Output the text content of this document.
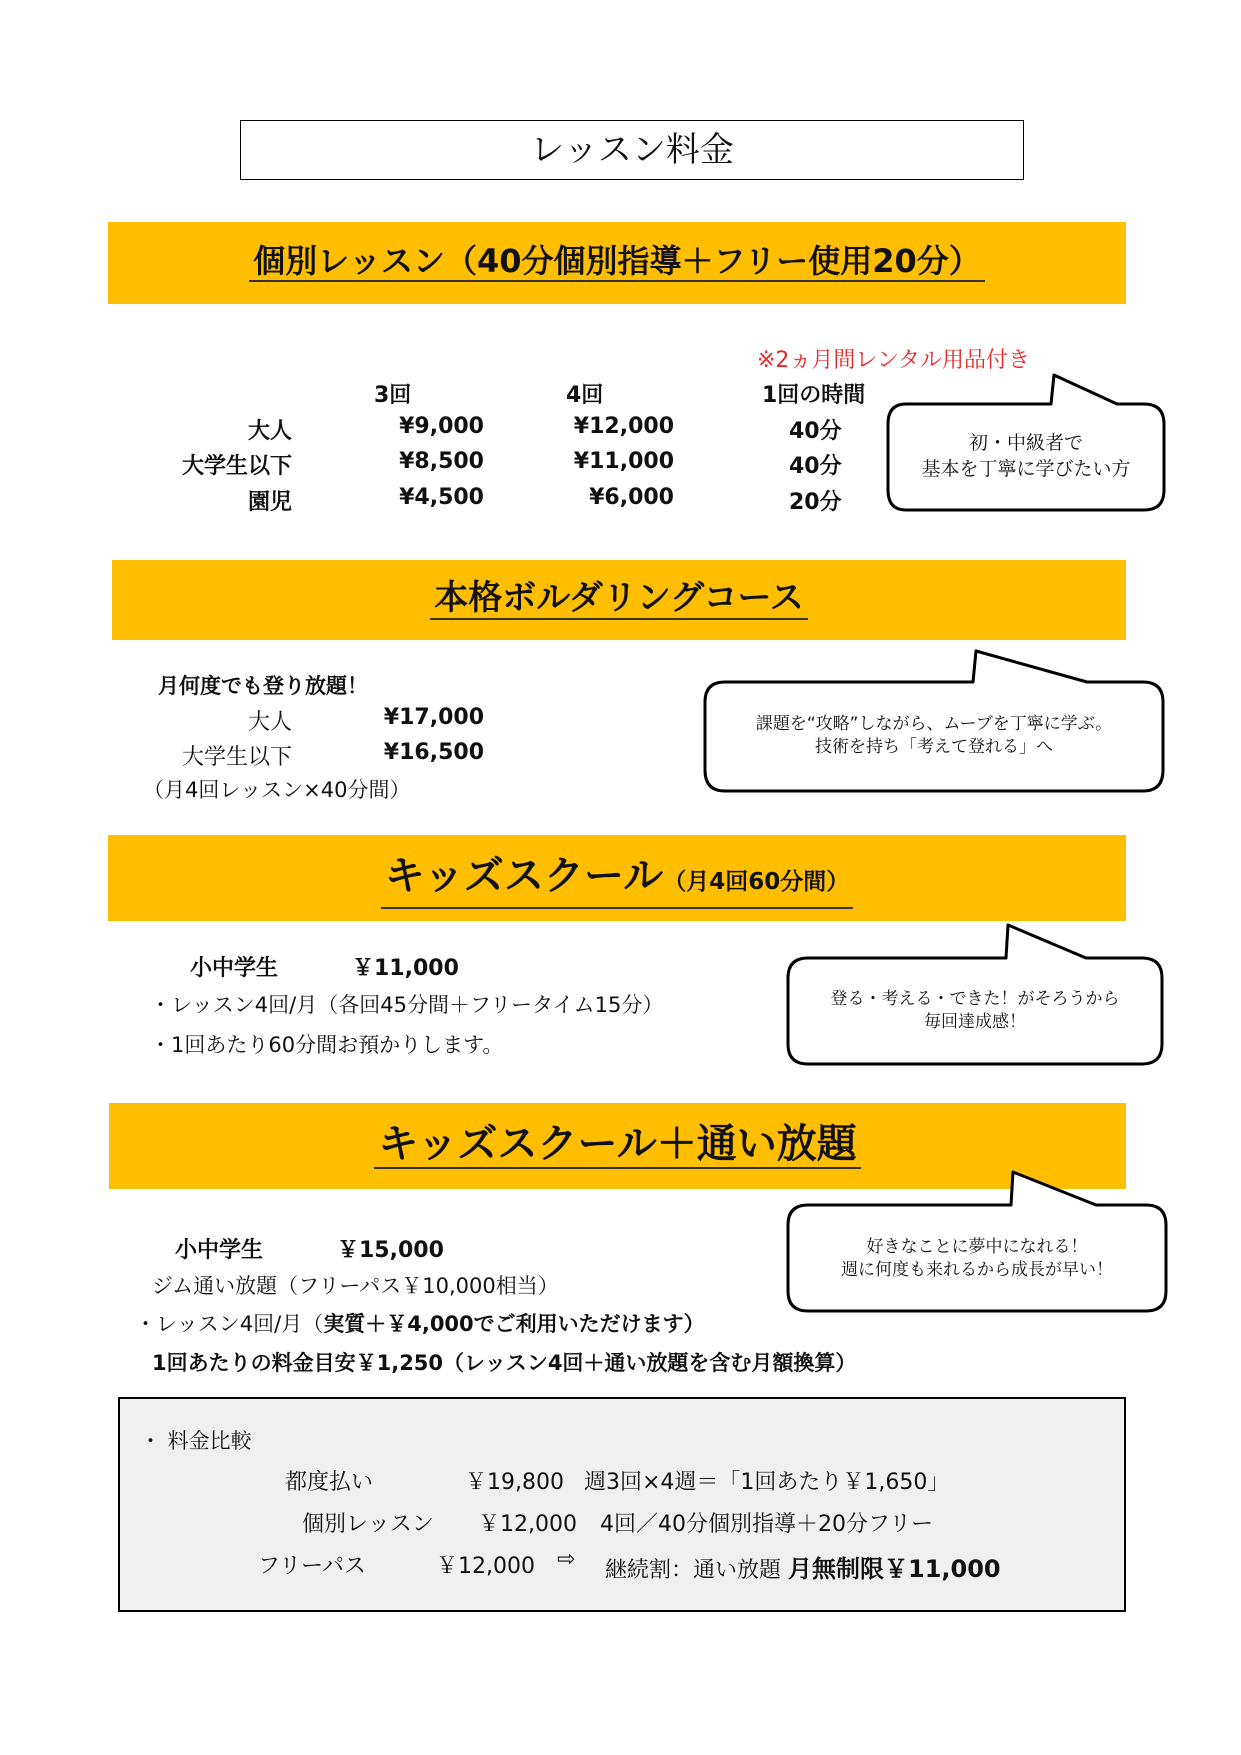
レッスン料金
個別レッスン（40分個別指導＋フリー使用20分）
※2ヵ月間レンタル用品付き
3回	4回	1回の時間
大人	¥9,000	¥12,000	40分
大学生以下	¥8,500	¥11,000	40分
園児	¥4,500	¥6,000	20分
初・中級者で
基本を丁寧に学びたい方
本格ボルダリングコース
月何度でも登り放題！
大人	¥17,000
大学生以下	¥16,500
（月4回レッスン×40分間）
課題を“攻略”しながら、ムーブを丁寧に学ぶ。
技術を持ち「考えて登れる」へ
キッズスクール（月4回60分間）
小中学生	￥11,000
・レッスン4回/月（各回45分間＋フリータイム15分）
・1回あたり60分間お預かりします。
登る・考える・できた！がそろうから
毎回達成感！
キッズスクール＋通い放題
小中学生	￥15,000
ジム通い放題（フリーパス￥10,000相当）
・レッスン4回/月（実質＋￥4,000でご利用いただけます）
1回あたりの料金目安￥1,250（レッスン4回＋通い放題を含む月額換算）
好きなことに夢中になれる！
週に何度も来れるから成長が早い！
・ 料金比較
都度払い	￥19,800 週3回×4週＝「1回あたり￥1,650」
個別レッスン ￥12,000 4回／40分個別指導＋20分フリー
フリーパス	￥12,000 ⇨ 継続割：通い放題 月無制限￥11,000
